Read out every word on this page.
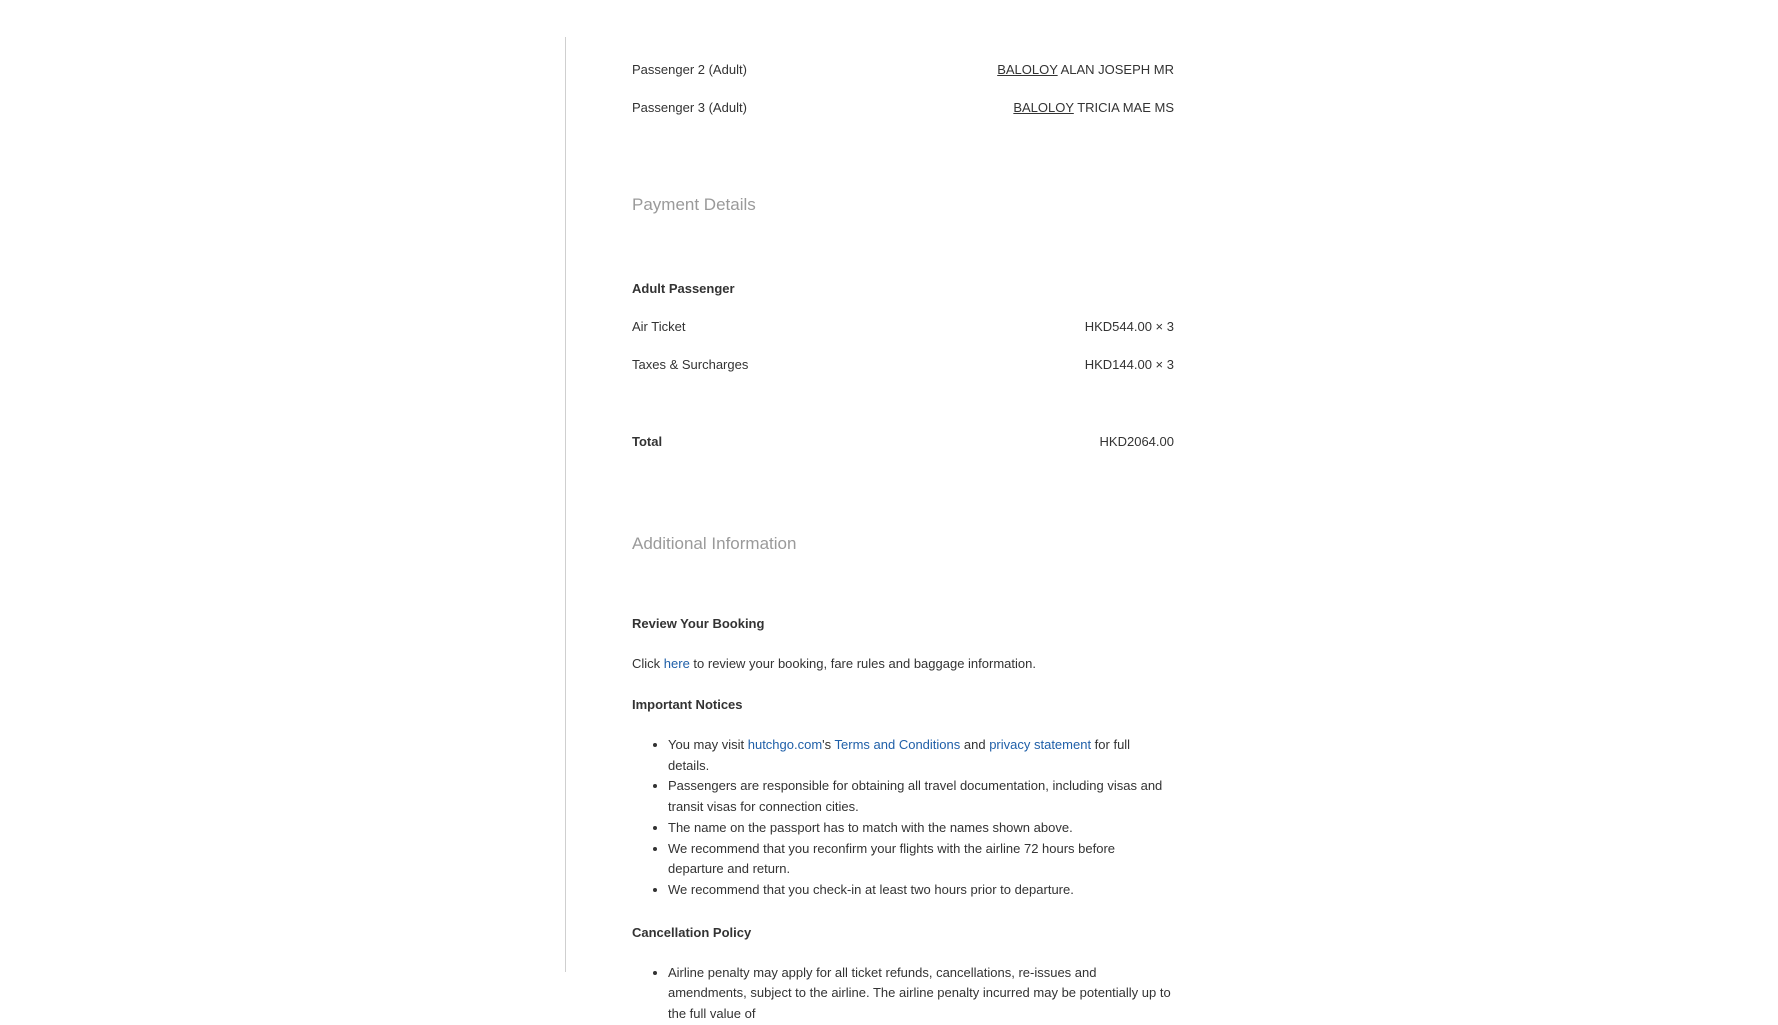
Passenger 2 (Adult)	BALOLOY ALAN JOSEPH MR
Passenger 3 (Adult)	BALOLOY TRICIA MAE MS
Payment Details
Adult Passenger
Air Ticket	HKD544.00 × 3
Taxes & Surcharges	HKD144.00 × 3
Total	HKD2064.00
Additional Information

Review Your Booking

Click here to review your booking, fare rules and baggage information.

Important Notices

• You may visit hutchgo.com's Terms and Conditions and privacy statement for full details.
• Passengers are responsible for obtaining all travel documentation, including visas and transit visas for connection cities.
• The name on the passport has to match with the names shown above.
• We recommend that you reconfirm your flights with the airline 72 hours before departure and return.
• We recommend that you check-in at least two hours prior to departure.

Cancellation Policy

• Airline penalty may apply for all ticket refunds, cancellations, re-issues and amendments, subject to the airline. The airline penalty incurred may be potentially up to the full value of
